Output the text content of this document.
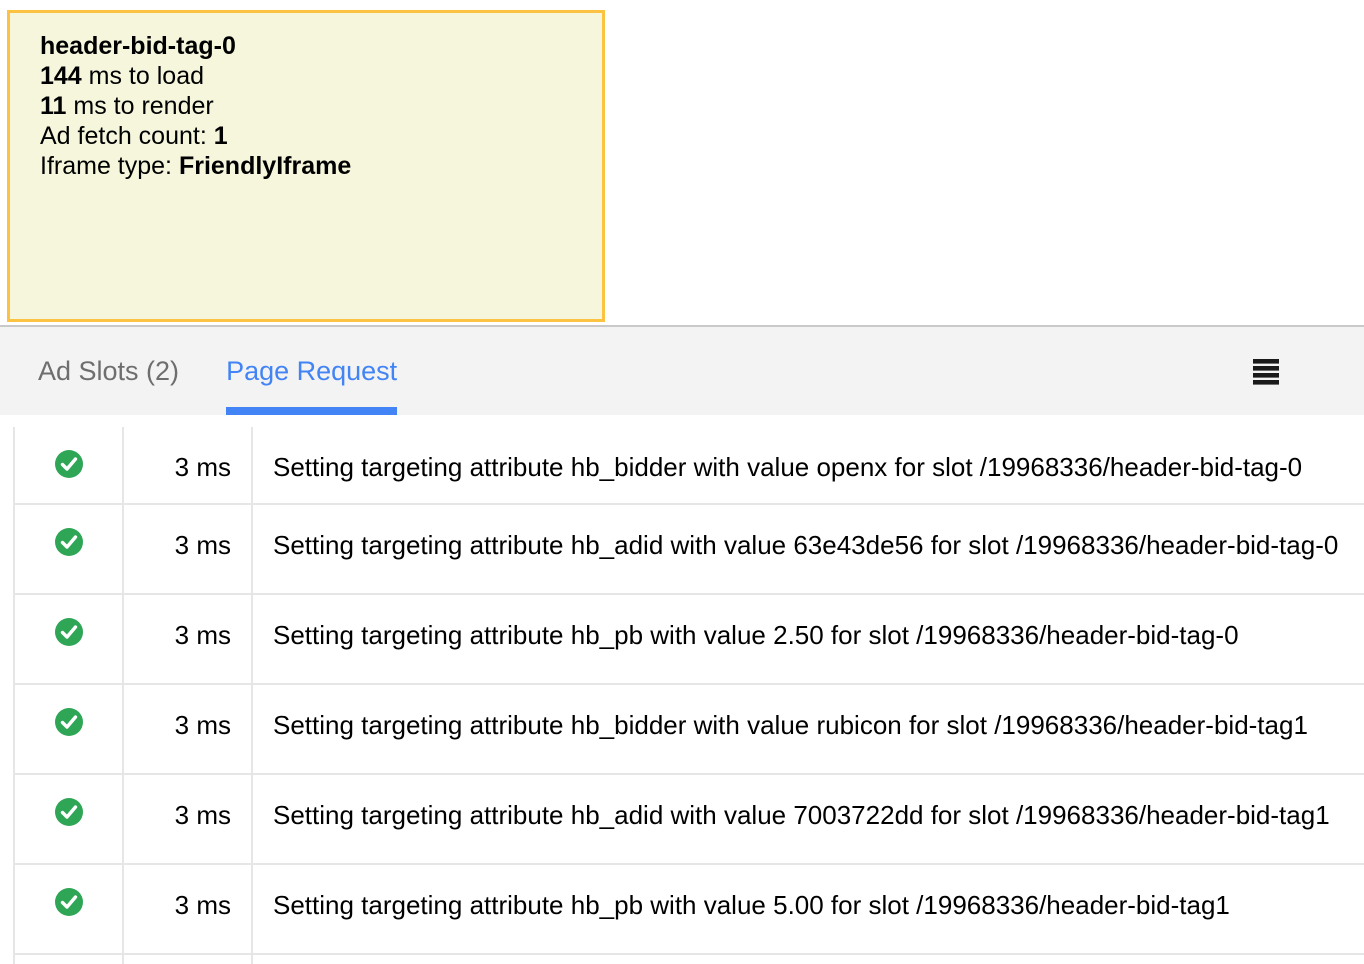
header-bid-tag-0
144 ms to load
11 ms to render
Ad fetch count: 1
Iframe type: FriendlyIframe
Ad Slots (2) Page Request
3 ms	Setting targeting attribute hb_bidder with value openx for slot /19968336/header-bid-tag-0
3 ms	Setting targeting attribute hb_adid with value 63e43de56 for slot /19968336/header-bid-tag-0
3 ms	Setting targeting attribute hb_pb with value 2.50 for slot /19968336/header-bid-tag-0
3 ms	Setting targeting attribute hb_bidder with value rubicon for slot /19968336/header-bid-tag1
3 ms	Setting targeting attribute hb_adid with value 7003722dd for slot /19968336/header-bid-tag1
3 ms	Setting targeting attribute hb_pb with value 5.00 for slot /19968336/header-bid-tag1
